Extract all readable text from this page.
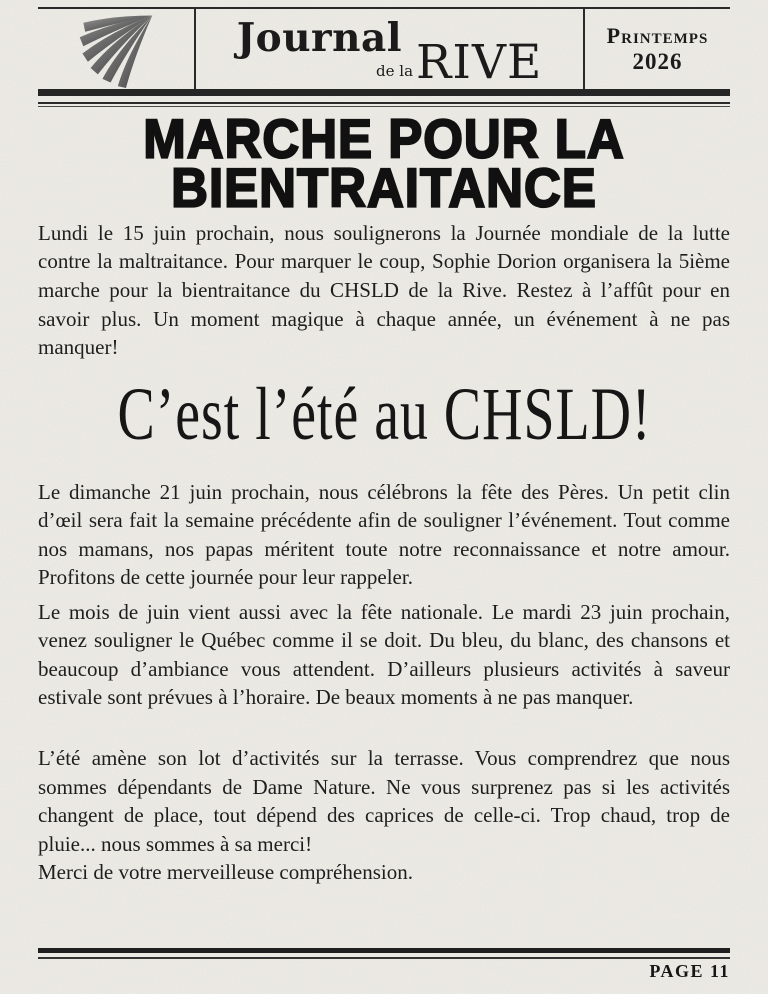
Journal
de la RIVE	printemps
2026
MARCHE POUR LA
BIENTRAITANCE

Lundi le 15 juin prochain, nous soulignerons la Journée mondiale de la lutte contre la maltraitance. Pour marquer le coup, Sophie Dorion organisera la 5ième marche pour la bientraitance du CHSLD de la Rive. Restez à l’affût pour en savoir plus. Un moment magique à chaque année, un événement à ne pas manquer!

C’est l’été au CHSLD!

Le dimanche 21 juin prochain, nous célébrons la fête des Pères. Un petit clin d’œil sera fait la semaine précédente afin de souligner l’événement. Tout comme nos mamans, nos papas méritent toute notre reconnaissance et notre amour. Profitons de cette journée pour leur rappeler.

Le mois de juin vient aussi avec la fête nationale. Le mardi 23 juin prochain, venez souligner le Québec comme il se doit. Du bleu, du blanc, des chansons et beaucoup d’ambiance vous attendent. D’ailleurs plusieurs activités à saveur estivale sont prévues à l’horaire. De beaux moments à ne pas manquer.

L’été amène son lot d’activités sur la terrasse. Vous comprendrez que nous sommes dépendants de Dame Nature. Ne vous surprenez pas si les activités changent de place, tout dépend des caprices de celle-ci. Trop chaud, trop de pluie... nous sommes à sa merci!

Merci de votre merveilleuse compréhension.

PAGE 11
